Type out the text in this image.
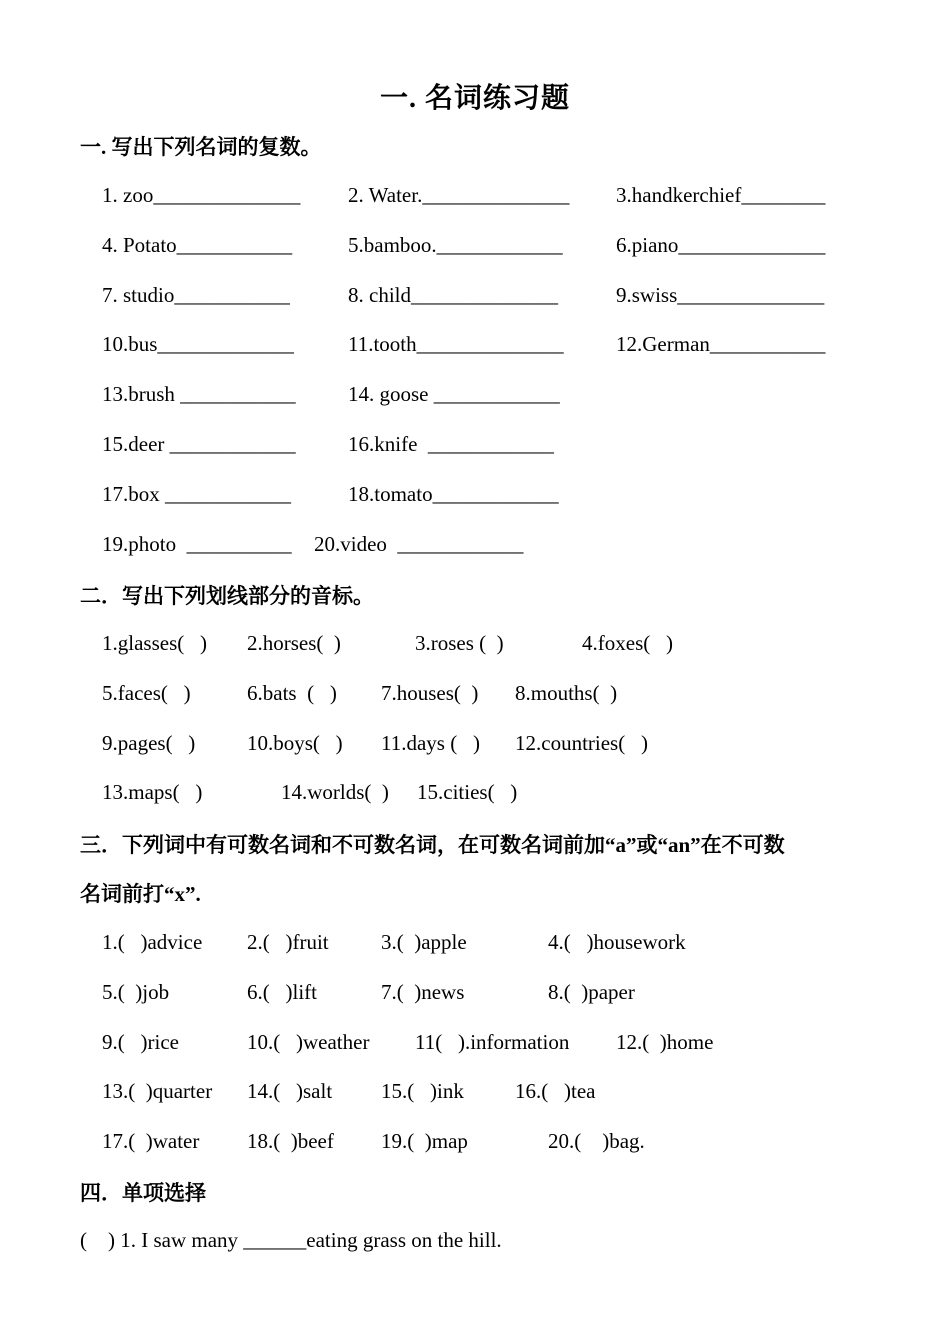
一. 名词练习题
一. 写出下列名词的复数。
1. zoo______________ 2. Water.______________ 3.handkerchief________
4. Potato___________	5.bamboo.____________	6.piano______________
7. studio___________	8. child______________	9.swiss______________
10.bus_____________	11.tooth______________ 12.German___________
13.brush ___________ 14. goose ____________
15.deer ____________ 16.knife  ____________
17.box ____________	18.tomato____________
19.photo  __________ 20.video  ____________
二．写出下列划线部分的音标。
1.glasses(   ) 2.horses(  )	3.roses (  )	4.foxes(   )
5.faces(   )	6.bats  (   ) 7.houses(  ) 8.mouths(  )
9.pages(   ) 10.boys(   ) 11.days (   ) 12.countries(   )
13.maps(   )	14.worlds(  ) 15.cities(   )
三．下列词中有可数名词和不可数名词，在可数名词前加“a”或“an”在不可数
名词前打“x”.
1.(   )advice 2.(   )fruit 3.(  )apple	4.(   )housework
5.(  )job	6.(   )lift	7.(  )news	8.(  )paper
9.(   )rice	10.(   )weather 11(   ).information 12.(  )home
13.(  )quarter 14.(   )salt 15.(   )ink 16.(   )tea
17.(  )water 18.(  )beef 19.(  )map	20.(    )bag.
四．单项选择
(    ) 1. I saw many ______eating grass on the hill.
